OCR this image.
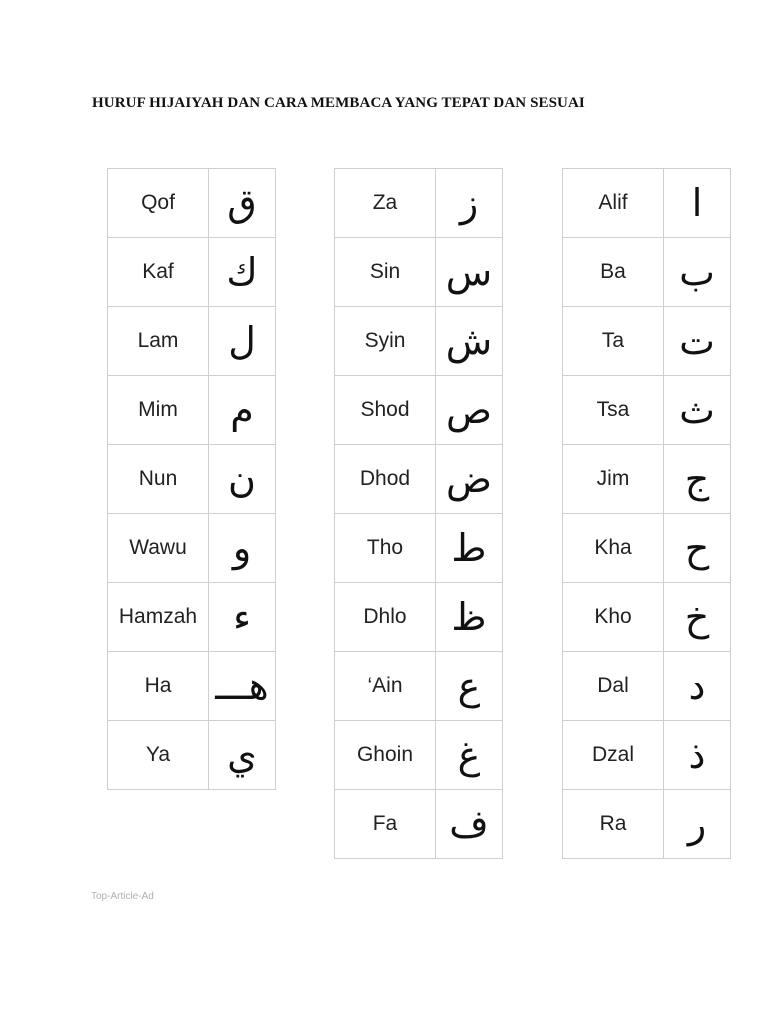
HURUF HIJAIYAH DAN CARA MEMBACA YANG TEPAT DAN SESUAI
Qof	ق
Kaf	ك
Lam	ل
Mim	م
Nun	ن
Wawu	و
Hamzah	ء
Ha	هـــ
Ya	ي
Za	ز
Sin	س
Syin	ش
Shod	ص
Dhod	ض
Tho	ط
Dhlo	ظ
‘Ain	ع
Ghoin	غ
Fa	ف
Alif	ا
Ba	ب
Ta	ت
Tsa	ث
Jim	ج
Kha	ح
Kho	خ
Dal	د
Dzal	ذ
Ra	ر
Top-Article-Ad
